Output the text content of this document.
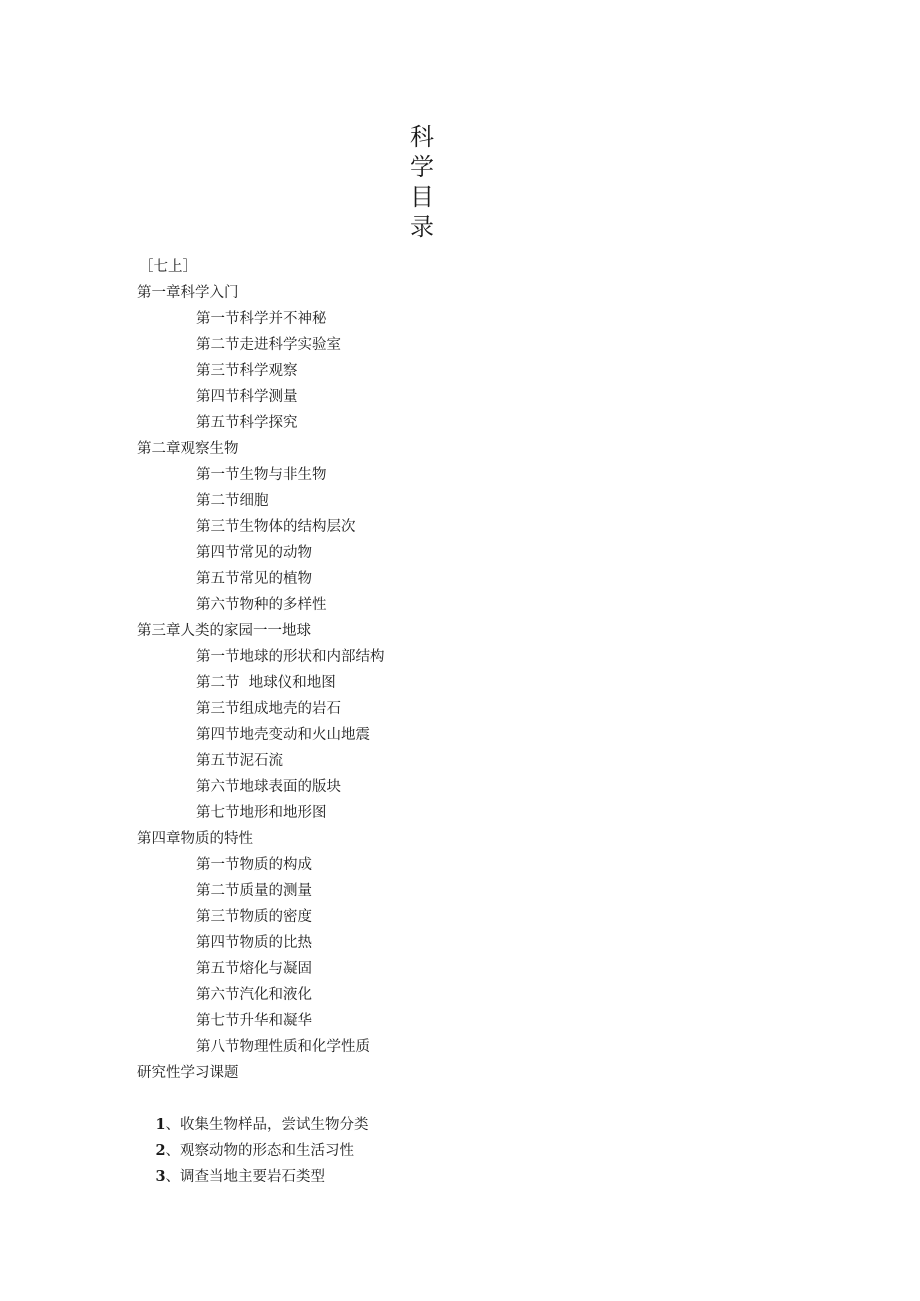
科
学
目
录
［七上］
第一章科学入门
第一节科学并不神秘
第二节走进科学实验室
第三节科学观察
第四节科学测量
第五节科学探究
第二章观察生物
第一节生物与非生物
第二节细胞
第三节生物体的结构层次
第四节常见的动物
第五节常见的植物
第六节物种的多样性
第三章人类的家园一一地球
第一节地球的形状和内部结构
第二节  地球仪和地图
第三节组成地壳的岩石
第四节地壳变动和火山地震
第五节泥石流
第六节地球表面的版块
第七节地形和地形图
第四章物质的特性
第一节物质的构成
第二节质量的测量
第三节物质的密度
第四节物质的比热
第五节熔化与凝固
第六节汽化和液化
第七节升华和凝华
第八节物理性质和化学性质
研究性学习课题

1、收集生物样品，尝试生物分类

2、观察动物的形态和生活习性

3、调查当地主要岩石类型
